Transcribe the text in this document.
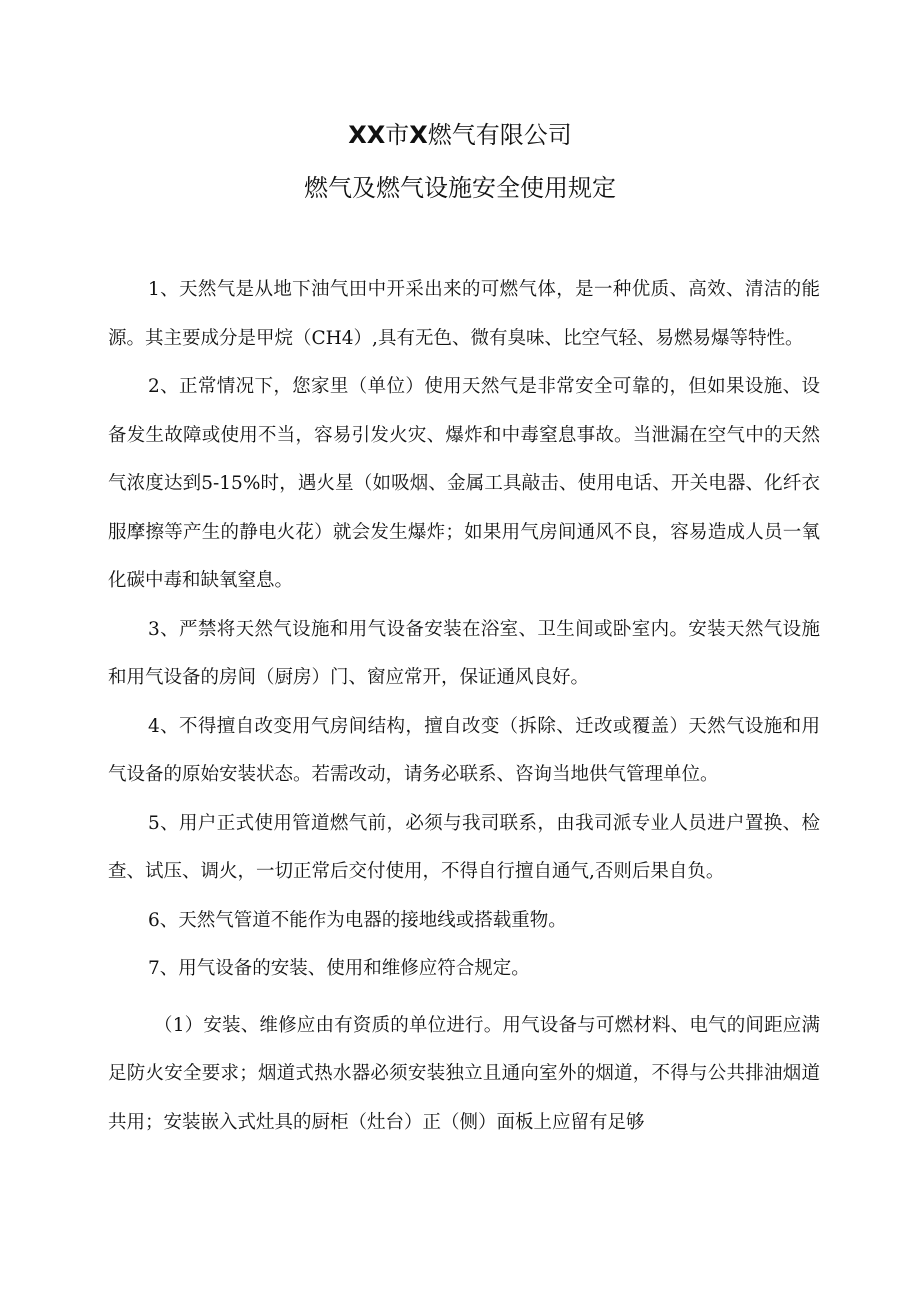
XX市X燃气有限公司
燃气及燃气设施安全使用规定

1、天然气是从地下油气田中开采出来的可燃气体，是一种优质、高效、清洁的能源。其主要成分是甲烷（CH4）,具有无色、微有臭味、比空气轻、易燃易爆等特性。

2、正常情况下，您家里（单位）使用天然气是非常安全可靠的，但如果设施、设备发生故障或使用不当，容易引发火灾、爆炸和中毒窒息事故。当泄漏在空气中的天然气浓度达到5-15%时，遇火星（如吸烟、金属工具敲击、使用电话、开关电器、化纤衣服摩擦等产生的静电火花）就会发生爆炸；如果用气房间通风不良，容易造成人员一氧化碳中毒和缺氧窒息。

3、严禁将天然气设施和用气设备安装在浴室、卫生间或卧室内。安装天然气设施和用气设备的房间（厨房）门、窗应常开，保证通风良好。

4、不得擅自改变用气房间结构，擅自改变（拆除、迁改或覆盖）天然气设施和用气设备的原始安装状态。若需改动，请务必联系、咨询当地供气管理单位。

5、用户正式使用管道燃气前，必须与我司联系，由我司派专业人员进户置换、检查、试压、调火，一切正常后交付使用，不得自行擅自通气,否则后果自负。

6、天然气管道不能作为电器的接地线或搭载重物。

7、用气设备的安装、使用和维修应符合规定。

（1）安装、维修应由有资质的单位进行。用气设备与可燃材料、电气的间距应满足防火安全要求；烟道式热水器必须安装独立且通向室外的烟道，不得与公共排油烟道共用；安装嵌入式灶具的厨柜（灶台）正（侧）面板上应留有足够
